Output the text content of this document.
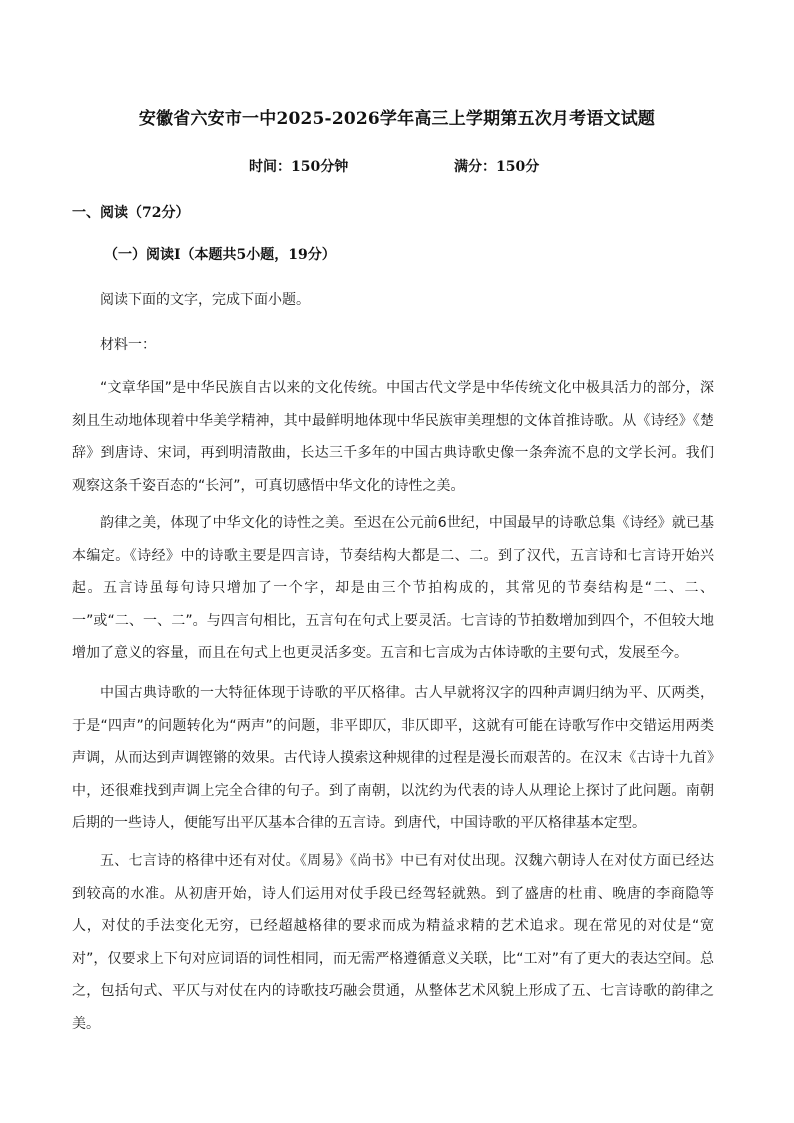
安徽省六安市一中2025-2026学年高三上学期第五次月考语文试题
时间：150分钟	满分：150分
一、阅读（72分）
（一）阅读Ⅰ（本题共5小题，19分）
阅读下面的文字，完成下面小题。
材料一：
“文章华国”是中华民族自古以来的文化传统。中国古代文学是中华传统文化中极具活力的部分，深刻且生动地体现着中华美学精神，其中最鲜明地体现中华民族审美理想的文体首推诗歌。从《诗经》《楚辞》到唐诗、宋词，再到明清散曲，长达三千多年的中国古典诗歌史像一条奔流不息的文学长河。我们观察这条千姿百态的“长河”，可真切感悟中华文化的诗性之美。
韵律之美，体现了中华文化的诗性之美。至迟在公元前6世纪，中国最早的诗歌总集《诗经》就已基本编定。《诗经》中的诗歌主要是四言诗，节奏结构大都是二、二。到了汉代，五言诗和七言诗开始兴起。五言诗虽每句诗只增加了一个字，却是由三个节拍构成的，其常见的节奏结构是“二、二、一”或“二、一、二”。与四言句相比，五言句在句式上要灵活。七言诗的节拍数增加到四个，不但较大地增加了意义的容量，而且在句式上也更灵活多变。五言和七言成为古体诗歌的主要句式，发展至今。
中国古典诗歌的一大特征体现于诗歌的平仄格律。古人早就将汉字的四种声调归纳为平、仄两类，于是“四声”的问题转化为“两声”的问题，非平即仄，非仄即平，这就有可能在诗歌写作中交错运用两类声调，从而达到声调铿锵的效果。古代诗人摸索这种规律的过程是漫长而艰苦的。在汉末《古诗十九首》中，还很难找到声调上完全合律的句子。到了南朝，以沈约为代表的诗人从理论上探讨了此问题。南朝后期的一些诗人，便能写出平仄基本合律的五言诗。到唐代，中国诗歌的平仄格律基本定型。
五、七言诗的格律中还有对仗。《周易》《尚书》中已有对仗出现。汉魏六朝诗人在对仗方面已经达到较高的水准。从初唐开始，诗人们运用对仗手段已经驾轻就熟。到了盛唐的杜甫、晚唐的李商隐等人，对仗的手法变化无穷，已经超越格律的要求而成为精益求精的艺术追求。现在常见的对仗是“宽对”，仅要求上下句对应词语的词性相同，而无需严格遵循意义关联，比“工对”有了更大的表达空间。总之，包括句式、平仄与对仗在内的诗歌技巧融会贯通，从整体艺术风貌上形成了五、七言诗歌的韵律之美。
